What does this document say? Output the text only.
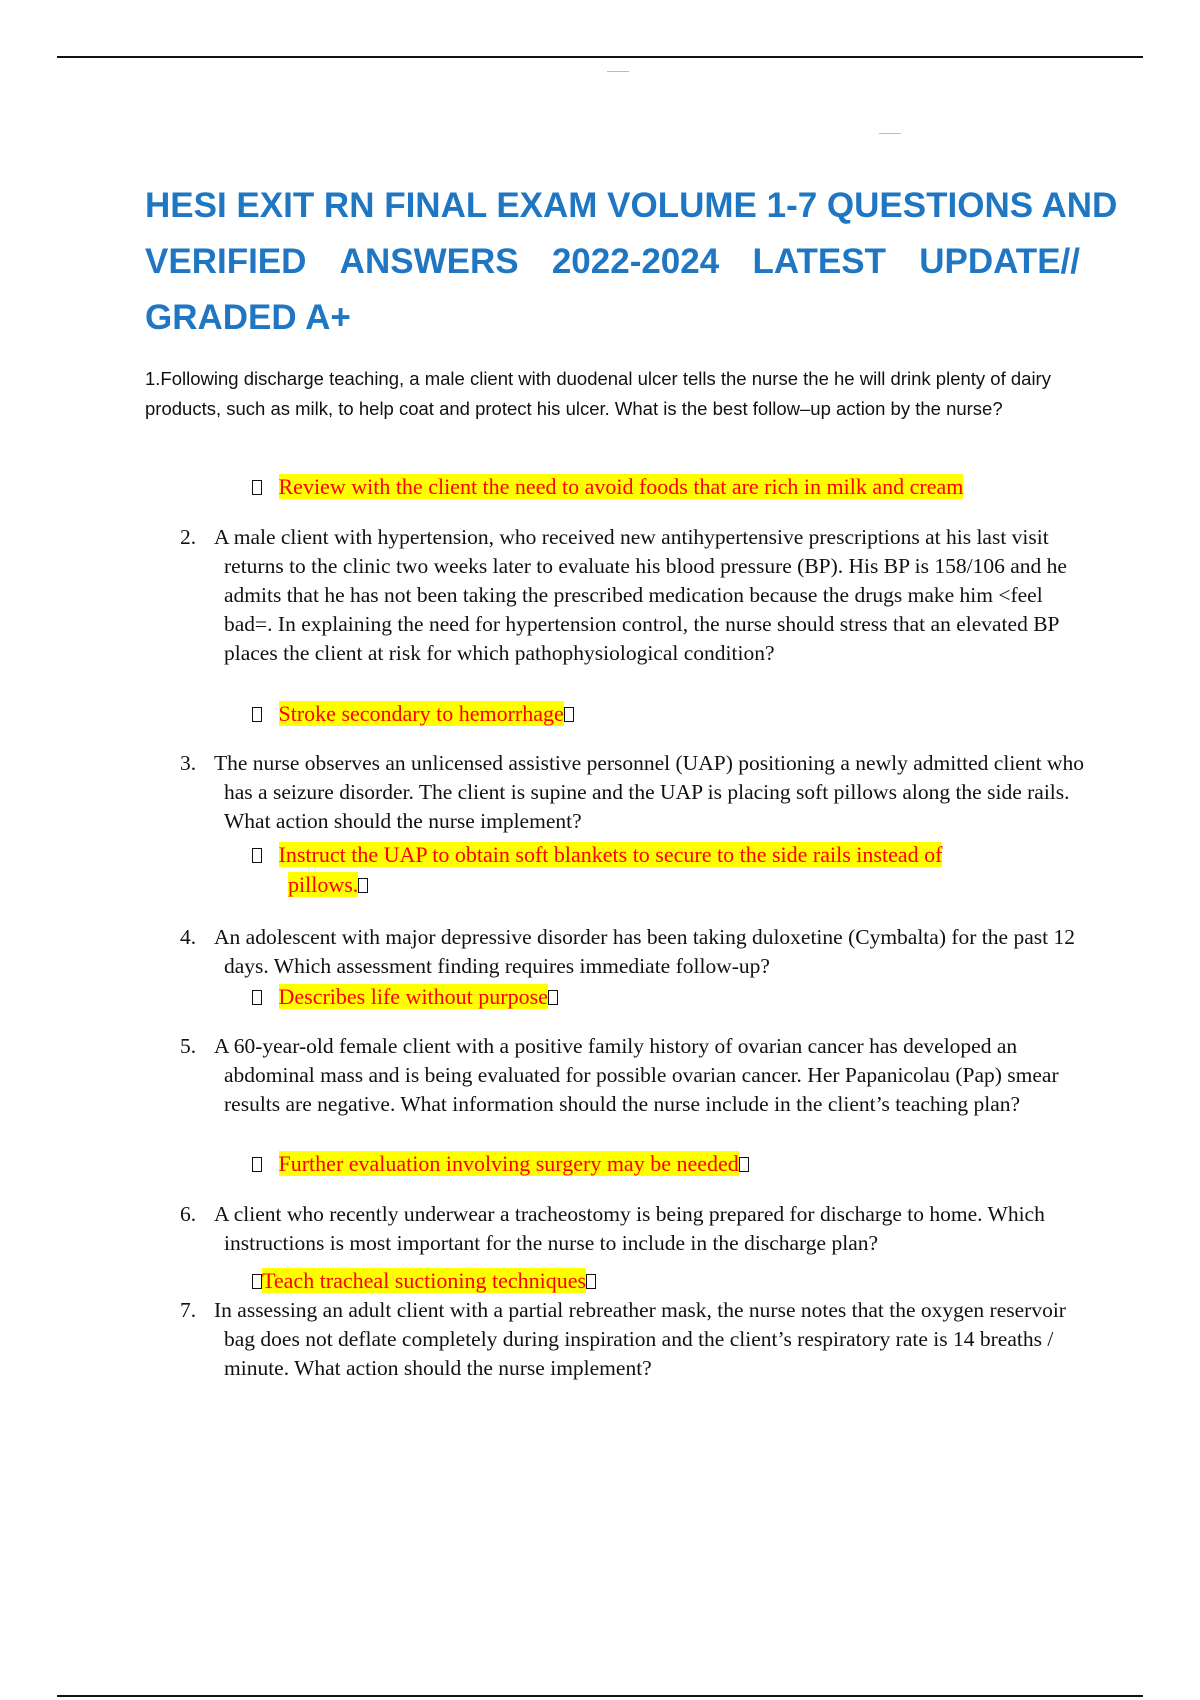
HESI EXIT RN FINAL EXAM VOLUME 1-7 QUESTIONS AND
VERIFIED ANSWERS 2022-2024 LATEST UPDATE//
GRADED A+
1.Following discharge teaching, a male client with duodenal ulcer tells the nurse the he will drink plenty of dairy products, such as milk, to help coat and protect his ulcer. What is the best follow–up action by the nurse?
Review with the client the need to avoid foods that are rich in milk and cream
2. A male client with hypertension, who received new antihypertensive prescriptions at his last visit returns to the clinic two weeks later to evaluate his blood pressure (BP). His BP is 158/106 and he admits that he has not been taking the prescribed medication because the drugs make him <feel bad=. In explaining the need for hypertension control, the nurse should stress that an elevated BP places the client at risk for which pathophysiological condition?
Stroke secondary to hemorrhage
3. The nurse observes an unlicensed assistive personnel (UAP) positioning a newly admitted client who has a seizure disorder. The client is supine and the UAP is placing soft pillows along the side rails. What action should the nurse implement?
Instruct the UAP to obtain soft blankets to secure to the side rails instead of
pillows.
4. An adolescent with major depressive disorder has been taking duloxetine (Cymbalta) for the past 12 days. Which assessment finding requires immediate follow-up?
Describes life without purpose
5. A 60-year-old female client with a positive family history of ovarian cancer has developed an abdominal mass and is being evaluated for possible ovarian cancer. Her Papanicolau (Pap) smear results are negative. What information should the nurse include in the client’s teaching plan?
Further evaluation involving surgery may be needed
6. A client who recently underwear a tracheostomy is being prepared for discharge to home. Which instructions is most important for the nurse to include in the discharge plan?
Teach tracheal suctioning techniques
7. In assessing an adult client with a partial rebreather mask, the nurse notes that the oxygen reservoir bag does not deflate completely during inspiration and the client’s respiratory rate is 14 breaths / minute. What action should the nurse implement?
